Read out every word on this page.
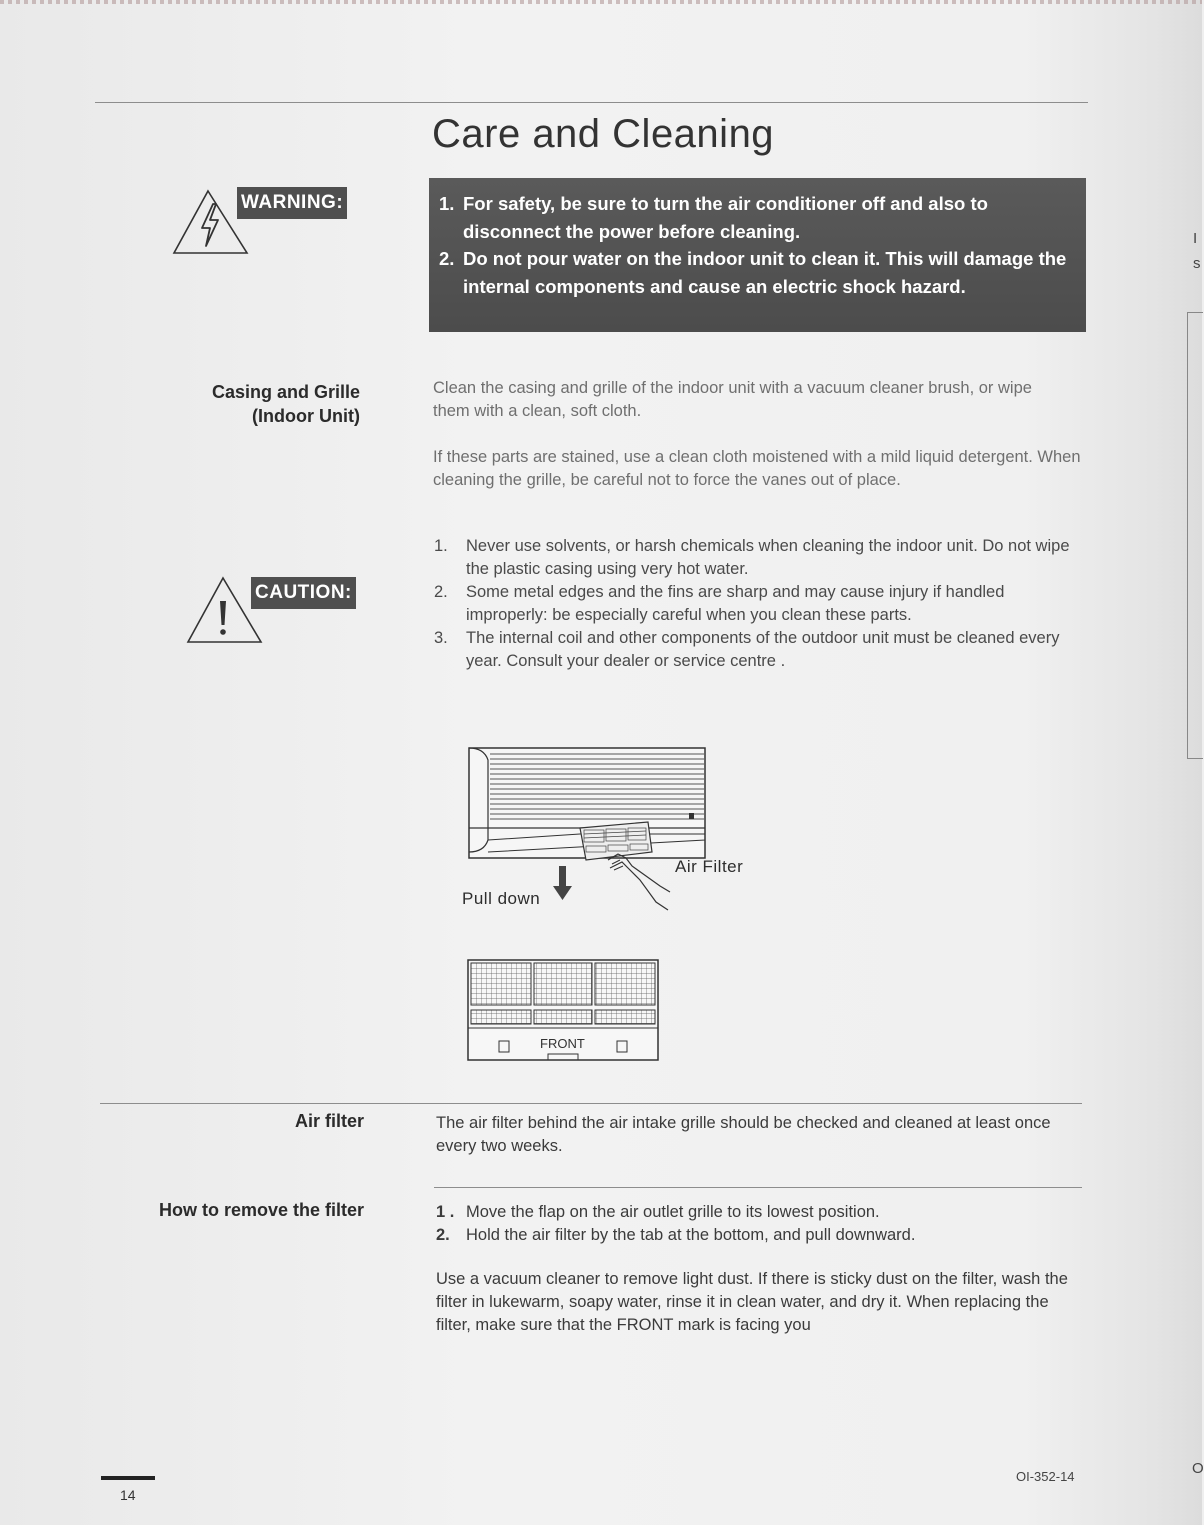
Care and Cleaning
WARNING:	1. For safety, be sure to turn the air conditioner off and also to disconnect the power before cleaning.
2. Do not pour water on the indoor unit to clean it. This will damage the internal components and cause an electric shock hazard.
Casing and Grille
(Indoor Unit)
Clean the casing and grille of the indoor unit with a vacuum cleaner brush, or wipe them with a clean, soft cloth.
If these parts are stained, use a clean cloth moistened with a mild liquid detergent. When cleaning the grille, be careful not to force the vanes out of place.
CAUTION:
1. Never use solvents, or harsh chemicals when cleaning the indoor unit. Do not wipe the plastic casing using very hot water.
2. Some metal edges and the fins are sharp and may cause injury if handled improperly: be especially careful when you clean these parts.
3. The internal coil and other components of the outdoor unit must be cleaned every year. Consult your dealer or service centre .
Air Filter
Pull down
FRONT
Air filter	The air filter behind the air intake grille should be checked and cleaned at least once every two weeks.
How to remove the filter	1 . Move the flap on the air outlet grille to its lowest position.
2. Hold the air filter by the tab at the bottom, and pull downward.
Use a vacuum cleaner to remove light dust. If there is sticky dust on the filter, wash the filter in lukewarm, soapy water, rinse it in clean water, and dry it. When replacing the filter, make sure that the FRONT mark is facing you
14
OI-352-14
I
s
O
